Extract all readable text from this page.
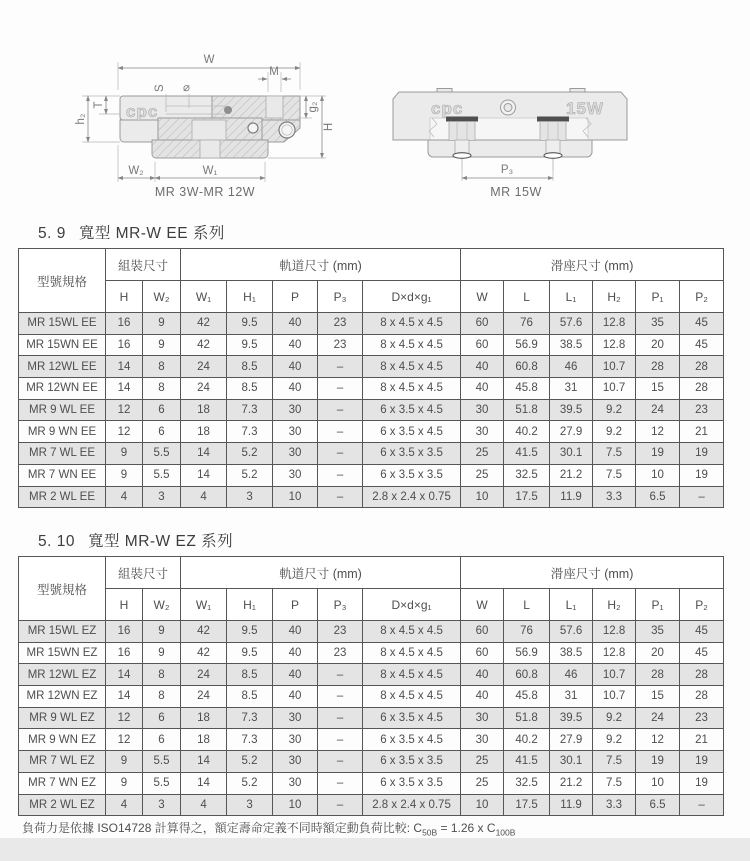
cpc
W
M
S ⌀
T
h₂
g₂
H
W₂	W₁
MR 3W-MR 12W
cpc	15W
P₃
MR 15W
5. 9 寬型 MR-W EE 系列
型號規格	組裝尺寸		軌道尺寸 (mm)					滑座尺寸 (mm)					
	H	W₂	W₁	H₁	P	P₃	D×d×g₁	W	L	L₁	H₂	P₁	P₂
MR 15WL EE	16	9	42	9.5	40	23	8 x 4.5 x 4.5	60	76	57.6	12.8	35	45
MR 15WN EE	16	9	42	9.5	40	23	8 x 4.5 x 4.5	60	56.9	38.5	12.8	20	45
MR 12WL EE	14	8	24	8.5	40	–	8 x 4.5 x 4.5	40	60.8	46	10.7	28	28
MR 12WN EE	14	8	24	8.5	40	–	8 x 4.5 x 4.5	40	45.8	31	10.7	15	28
MR 9 WL EE	12	6	18	7.3	30	–	6 x 3.5 x 4.5	30	51.8	39.5	9.2	24	23
MR 9 WN EE	12	6	18	7.3	30	–	6 x 3.5 x 4.5	30	40.2	27.9	9.2	12	21
MR 7 WL EE	9	5.5	14	5.2	30	–	6 x 3.5 x 3.5	25	41.5	30.1	7.5	19	19
MR 7 WN EE	9	5.5	14	5.2	30	–	6 x 3.5 x 3.5	25	32.5	21.2	7.5	10	19
MR 2 WL EE	4	3	4	3	10	–	2.8 x 2.4 x 0.75	10	17.5	11.9	3.3	6.5	–
5. 10 寬型 MR-W EZ 系列
型號規格	組裝尺寸		軌道尺寸 (mm)					滑座尺寸 (mm)					
	H	W₂	W₁	H₁	P	P₃	D×d×g₁	W	L	L₁	H₂	P₁	P₂
MR 15WL EZ	16	9	42	9.5	40	23	8 x 4.5 x 4.5	60	76	57.6	12.8	35	45
MR 15WN EZ	16	9	42	9.5	40	23	8 x 4.5 x 4.5	60	56.9	38.5	12.8	20	45
MR 12WL EZ	14	8	24	8.5	40	–	8 x 4.5 x 4.5	40	60.8	46	10.7	28	28
MR 12WN EZ	14	8	24	8.5	40	–	8 x 4.5 x 4.5	40	45.8	31	10.7	15	28
MR 9 WL EZ	12	6	18	7.3	30	–	6 x 3.5 x 4.5	30	51.8	39.5	9.2	24	23
MR 9 WN EZ	12	6	18	7.3	30	–	6 x 3.5 x 4.5	30	40.2	27.9	9.2	12	21
MR 7 WL EZ	9	5.5	14	5.2	30	–	6 x 3.5 x 3.5	25	41.5	30.1	7.5	19	19
MR 7 WN EZ	9	5.5	14	5.2	30	–	6 x 3.5 x 3.5	25	32.5	21.2	7.5	10	19
MR 2 WL EZ	4	3	4	3	10	–	2.8 x 2.4 x 0.75	10	17.5	11.9	3.3	6.5	–
負荷力是依據 ISO14728 計算得之，額定壽命定義不同時額定動負荷比較: $C_{50B} = 1.26$ x $C_{100B}$
